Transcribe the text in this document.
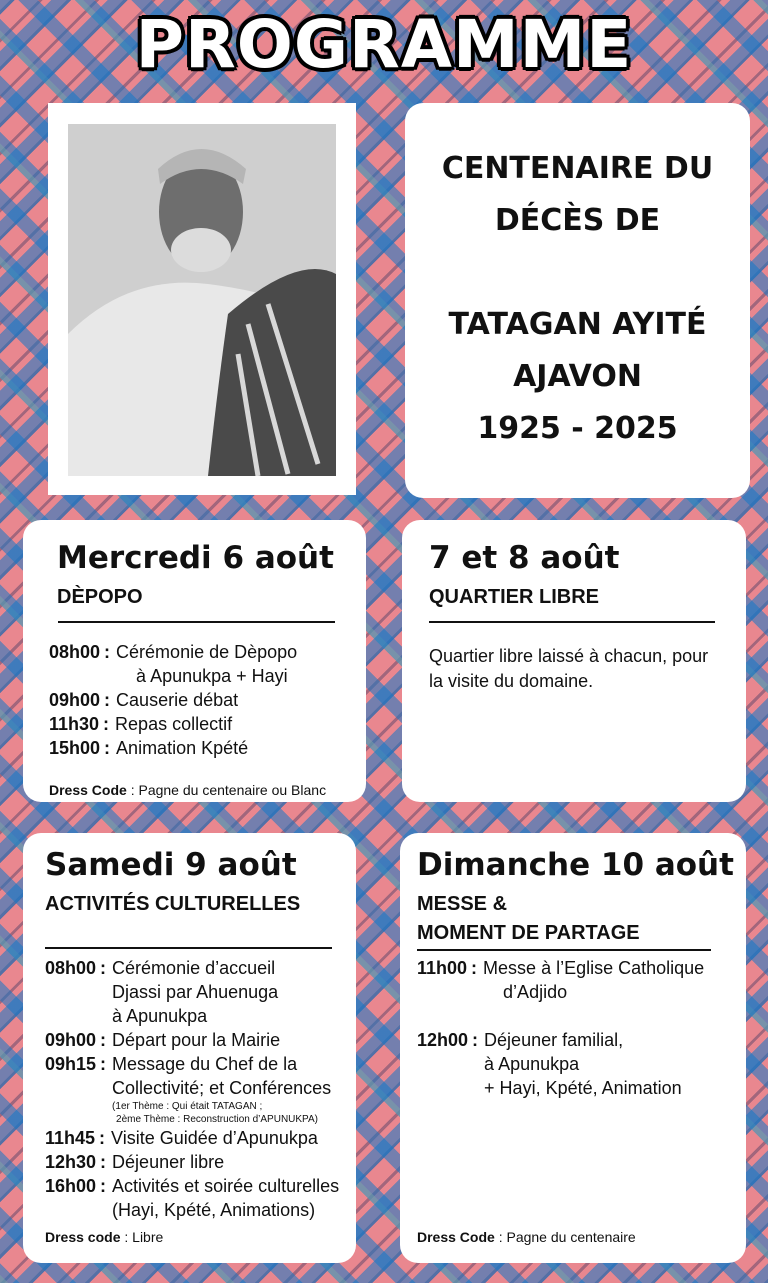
PROGRAMME
CENTENAIRE DU
DÉCÈS DE
TATAGAN AYITÉ
AJAVON
1925 - 2025
Mercredi 6 août
DÈPOPO
08h00 : Cérémonie de Dèpopo
à Apunukpa + Hayi
09h00 : Causerie débat
11h30 : Repas collectif
15h00 : Animation Kpété
Dress Code : Pagne du centenaire ou Blanc
7 et 8 août
QUARTIER LIBRE
Quartier libre laissé à chacun, pour
la visite du domaine.
Samedi 9 août
ACTIVITÉS CULTURELLES
08h00 : Cérémonie d’accueil
Djassi par Ahuenuga
à Apunukpa
09h00 : Départ pour la Mairie
09h15 : Message du Chef de la
Collectivité; et Conférences
(1er Thème : Qui était TATAGAN ;
2ème Thème : Reconstruction d’APUNUKPA)
11h45 : Visite Guidée d’Apunukpa
12h30 : Déjeuner libre
16h00 : Activités et soirée culturelles
(Hayi, Kpété, Animations)
Dress code : Libre
Dimanche 10 août
MESSE &
MOMENT DE PARTAGE
11h00 : Messe à l’Eglise Catholique
d’Adjido
12h00 : Déjeuner familial,
à Apunukpa
+ Hayi, Kpété, Animation
Dress Code : Pagne du centenaire
